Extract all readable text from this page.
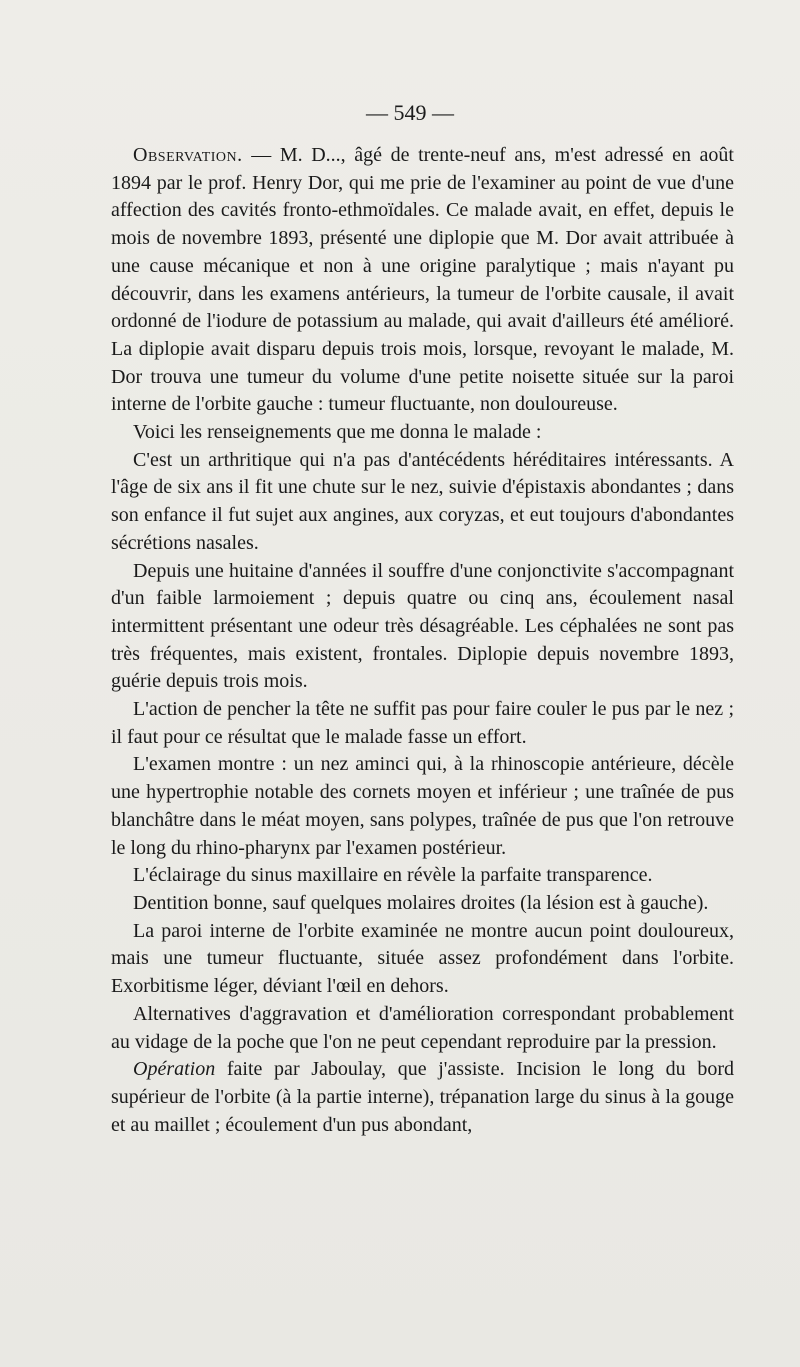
— 549 —

Observation. — M. D..., âgé de trente-neuf ans, m'est adressé en août 1894 par le prof. Henry Dor, qui me prie de l'examiner au point de vue d'une affection des cavités fronto-ethmoïdales. Ce malade avait, en effet, depuis le mois de novembre 1893, présenté une diplopie que M. Dor avait attribuée à une cause mécanique et non à une origine paralytique ; mais n'ayant pu découvrir, dans les examens antérieurs, la tumeur de l'orbite causale, il avait ordonné de l'iodure de potassium au malade, qui avait d'ailleurs été amélioré. La diplopie avait disparu depuis trois mois, lorsque, revoyant le malade, M. Dor trouva une tumeur du volume d'une petite noisette située sur la paroi interne de l'orbite gauche : tumeur fluctuante, non douloureuse.

Voici les renseignements que me donna le malade :

C'est un arthritique qui n'a pas d'antécédents héréditaires intéressants. A l'âge de six ans il fit une chute sur le nez, suivie d'épistaxis abondantes ; dans son enfance il fut sujet aux angines, aux coryzas, et eut toujours d'abondantes sécrétions nasales.

Depuis une huitaine d'années il souffre d'une conjonctivite s'accompagnant d'un faible larmoiement ; depuis quatre ou cinq ans, écoulement nasal intermittent présentant une odeur très désagréable. Les céphalées ne sont pas très fréquentes, mais existent, frontales. Diplopie depuis novembre 1893, guérie depuis trois mois.

L'action de pencher la tête ne suffit pas pour faire couler le pus par le nez ; il faut pour ce résultat que le malade fasse un effort.

L'examen montre : un nez aminci qui, à la rhinoscopie antérieure, décèle une hypertrophie notable des cornets moyen et inférieur ; une traînée de pus blanchâtre dans le méat moyen, sans polypes, traînée de pus que l'on retrouve le long du rhino-pharynx par l'examen postérieur.

L'éclairage du sinus maxillaire en révèle la parfaite transparence.

Dentition bonne, sauf quelques molaires droites (la lésion est à gauche).

La paroi interne de l'orbite examinée ne montre aucun point douloureux, mais une tumeur fluctuante, située assez profondément dans l'orbite. Exorbitisme léger, déviant l'œil en dehors.

Alternatives d'aggravation et d'amélioration correspondant probablement au vidage de la poche que l'on ne peut cependant reproduire par la pression.

Opération faite par Jaboulay, que j'assiste. Incision le long du bord supérieur de l'orbite (à la partie interne), trépanation large du sinus à la gouge et au maillet ; écoulement d'un pus abondant,
